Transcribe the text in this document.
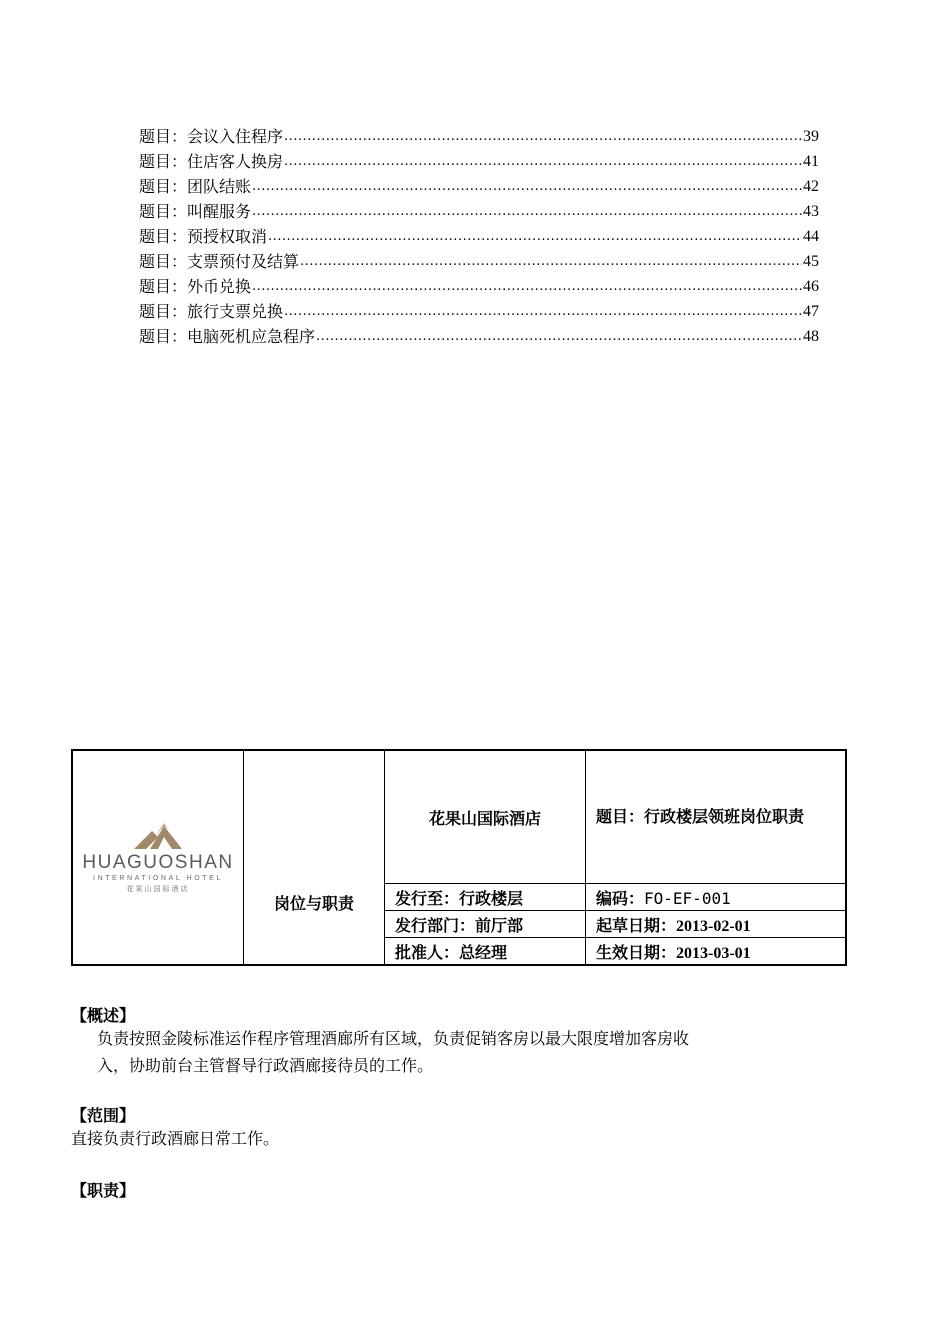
题目：会议入住程序 .....	39
题目：住店客人换房 .....	41
题目：团队结账 .....	42
题目：叫醒服务 .....	43
题目：预授权取消 .....	44
题目：支票预付及结算 .....	45
题目：外币兑换 .....	46
题目：旅行支票兑换 .....	47
题目：电脑死机应急程序 .....	48
HUAGUOSHAN
INTERNATIONAL HOTEL
花果山国际酒店	岗位与职责	花果山国际酒店	题目：行政楼层领班岗位职责
		发行至：行政楼层	编码：FO-EF-001
		发行部门：前厅部	起草日期：2013-02-01
		批准人：总经理	生效日期：2013-03-01
【概述】
负责按照金陵标准运作程序管理酒廊所有区域，负责促销客房以最大限度增加客房收
入，协助前台主管督导行政酒廊接待员的工作。
【范围】
直接负责行政酒廊日常工作。
【职责】
